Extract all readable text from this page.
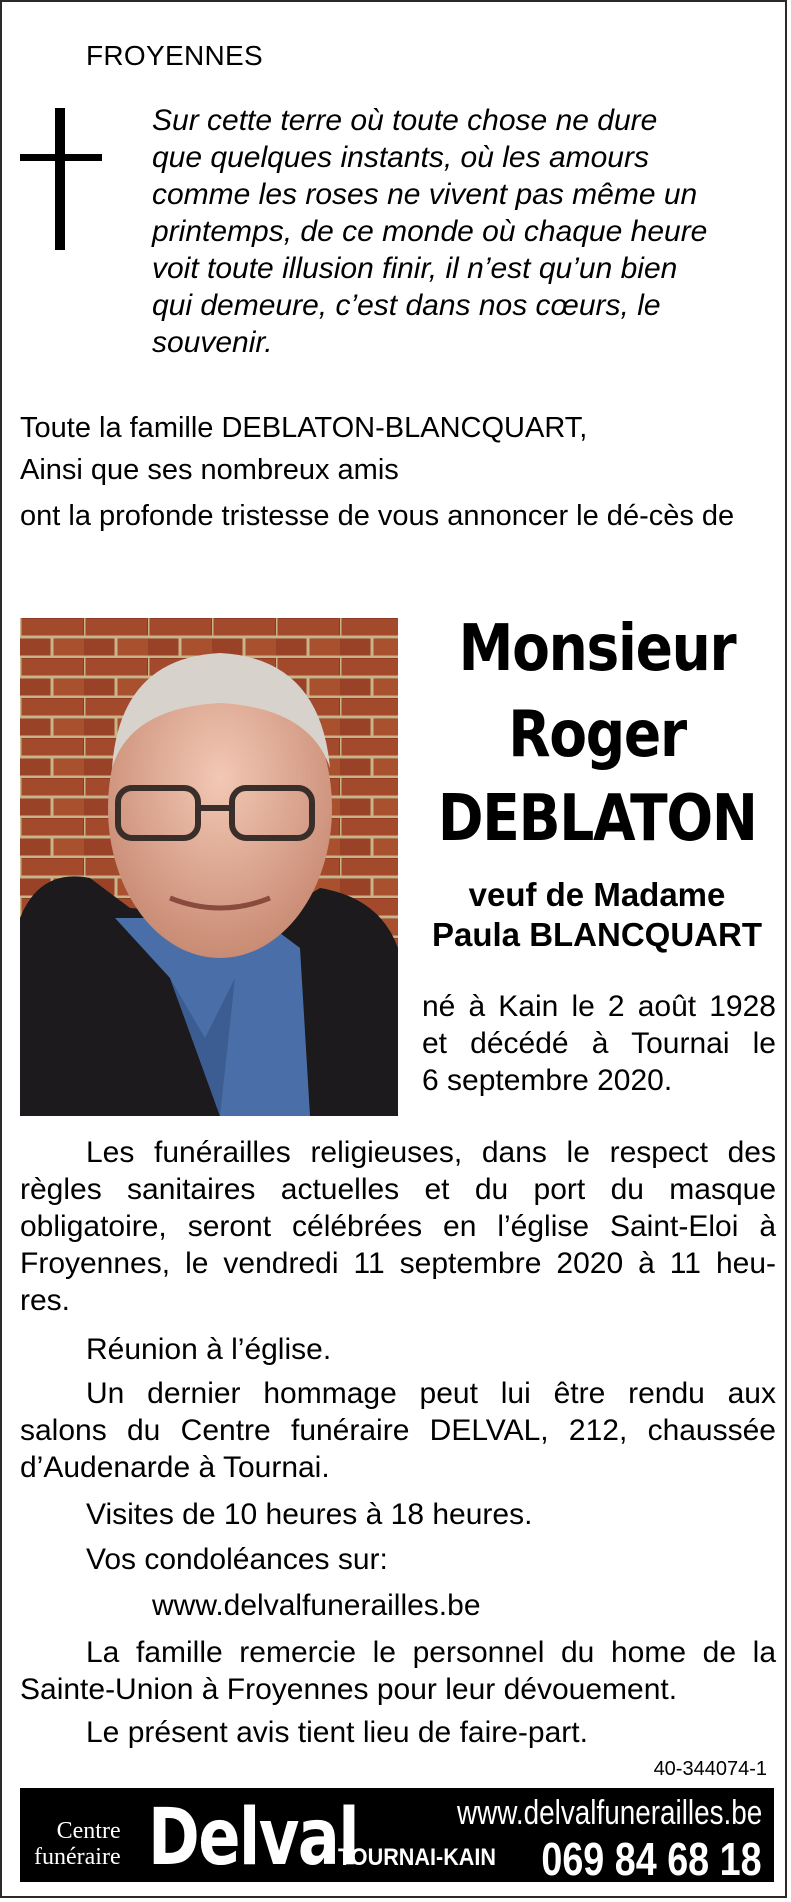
FROYENNES
Sur cette terre où toute chose ne dure
que quelques instants, où les amours
comme les roses ne vivent pas même un
printemps, de ce monde où chaque heure
voit toute illusion finir, il n’est qu’un bien
qui demeure, c’est dans nos cœurs, le
souvenir.
Toute la famille DEBLATON-BLANCQUART,
Ainsi que ses nombreux amis
ont la profonde tristesse de vous annoncer le dé-cès de
Monsieur
Roger
DEBLATON
veuf de Madame
Paula BLANCQUART
né à Kain le 2 août 1928
et décédé à Tournai le
6 septembre 2020.
Les funérailles religieuses, dans le respect des
règles sanitaires actuelles et du port du masque
obligatoire, seront célébrées en l’église Saint-Eloi à
Froyennes, le vendredi 11 septembre 2020 à 11 heu-
res.
Réunion à l’église.
Un dernier hommage peut lui être rendu aux
salons du Centre funéraire DELVAL, 212, chaussée
d’Audenarde à Tournai.
Visites de 10 heures à 18 heures.
Vos condoléances sur:
www.delvalfunerailles.be
La famille remercie le personnel du home de la
Sainte-Union à Froyennes pour leur dévouement.
Le présent avis tient lieu de faire-part.
40-344074-1
Centre
funéraire Delval	www.delvalfunerailles.be
TOURNAI-KAIN 069 84 68 18
